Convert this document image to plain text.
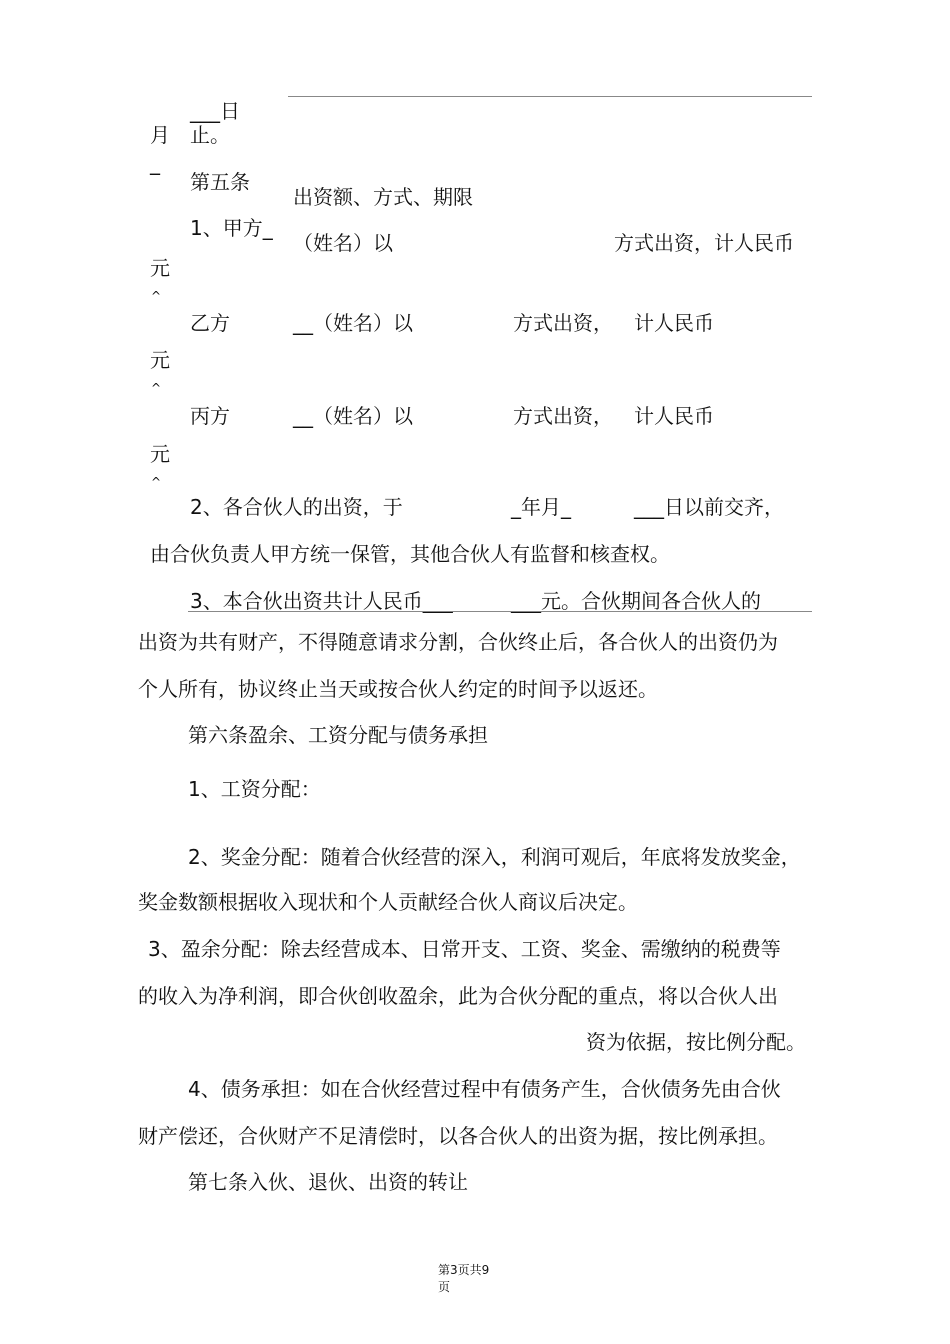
___日
月 止。
_
第五条
出资额、方式、期限
1、甲方_
（姓名）以	方式出资，计人民币
元
^
乙方	__（姓名）以	方式出资， 计人民币
元
^
丙方	__（姓名）以	方式出资， 计人民币
元
^
2、各合伙人的出资，于	_年月_	___日以前交齐，
由合伙负责人甲方统一保管，其他合伙人有监督和核查权。
3、本合伙出资共计人民币___	___元。合伙期间各合伙人的
出资为共有财产，不得随意请求分割，合伙终止后，各合伙人的出资仍为
个人所有，协议终止当天或按合伙人约定的时间予以返还。
第六条盈余、工资分配与债务承担
1、工资分配：
2、奖金分配：随着合伙经营的深入，利润可观后，年底将发放奖金，
奖金数额根据收入现状和个人贡献经合伙人商议后决定。
3、盈余分配：除去经营成本、日常开支、工资、奖金、需缴纳的税费等
的收入为净利润，即合伙创收盈余，此为合伙分配的重点，将以合伙人出
资为依据，按比例分配。
4、债务承担：如在合伙经营过程中有债务产生，合伙债务先由合伙
财产偿还，合伙财产不足清偿时，以各合伙人的出资为据，按比例承担。
第七条入伙、退伙、出资的转让
第3页共9
页
